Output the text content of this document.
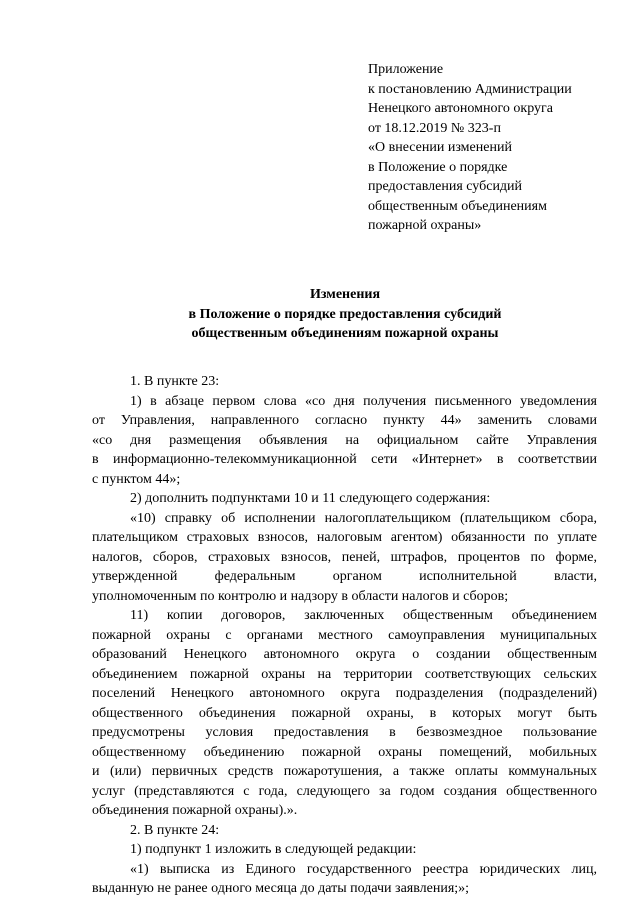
Приложение
к постановлению Администрации
Ненецкого автономного округа
от 18.12.2019 № 323-п
«О внесении изменений
в Положение о порядке
предоставления субсидий
общественным объединениям
пожарной охраны»
Изменения
в Положение о порядке предоставления субсидий
общественным объединениям пожарной охраны
1. В пункте 23:
1) в абзаце первом слова «со дня получения письменного уведомления
от Управления, направленного согласно пункту 44» заменить словами
«со дня размещения объявления на официальном сайте Управления
в информационно-телекоммуникационной сети «Интернет» в соответствии
с пунктом 44»;
2) дополнить подпунктами 10 и 11 следующего содержания:
«10) справку об исполнении налогоплательщиком (плательщиком сбора,
плательщиком страховых взносов, налоговым агентом) обязанности по уплате
налогов, сборов, страховых взносов, пеней, штрафов, процентов по форме,
утвержденной федеральным органом исполнительной власти,
уполномоченным по контролю и надзору в области налогов и сборов;
11) копии договоров, заключенных общественным объединением
пожарной охраны с органами местного самоуправления муниципальных
образований Ненецкого автономного округа о создании общественным
объединением пожарной охраны на территории соответствующих сельских
поселений Ненецкого автономного округа подразделения (подразделений)
общественного объединения пожарной охраны, в которых могут быть
предусмотрены условия предоставления в безвозмездное пользование
общественному объединению пожарной охраны помещений, мобильных
и (или) первичных средств пожаротушения, а также оплаты коммунальных
услуг (представляются с года, следующего за годом создания общественного
объединения пожарной охраны).».
2. В пункте 24:
1) подпункт 1 изложить в следующей редакции:
«1) выписка из Единого государственного реестра юридических лиц,
выданную не ранее одного месяца до даты подачи заявления;»;
